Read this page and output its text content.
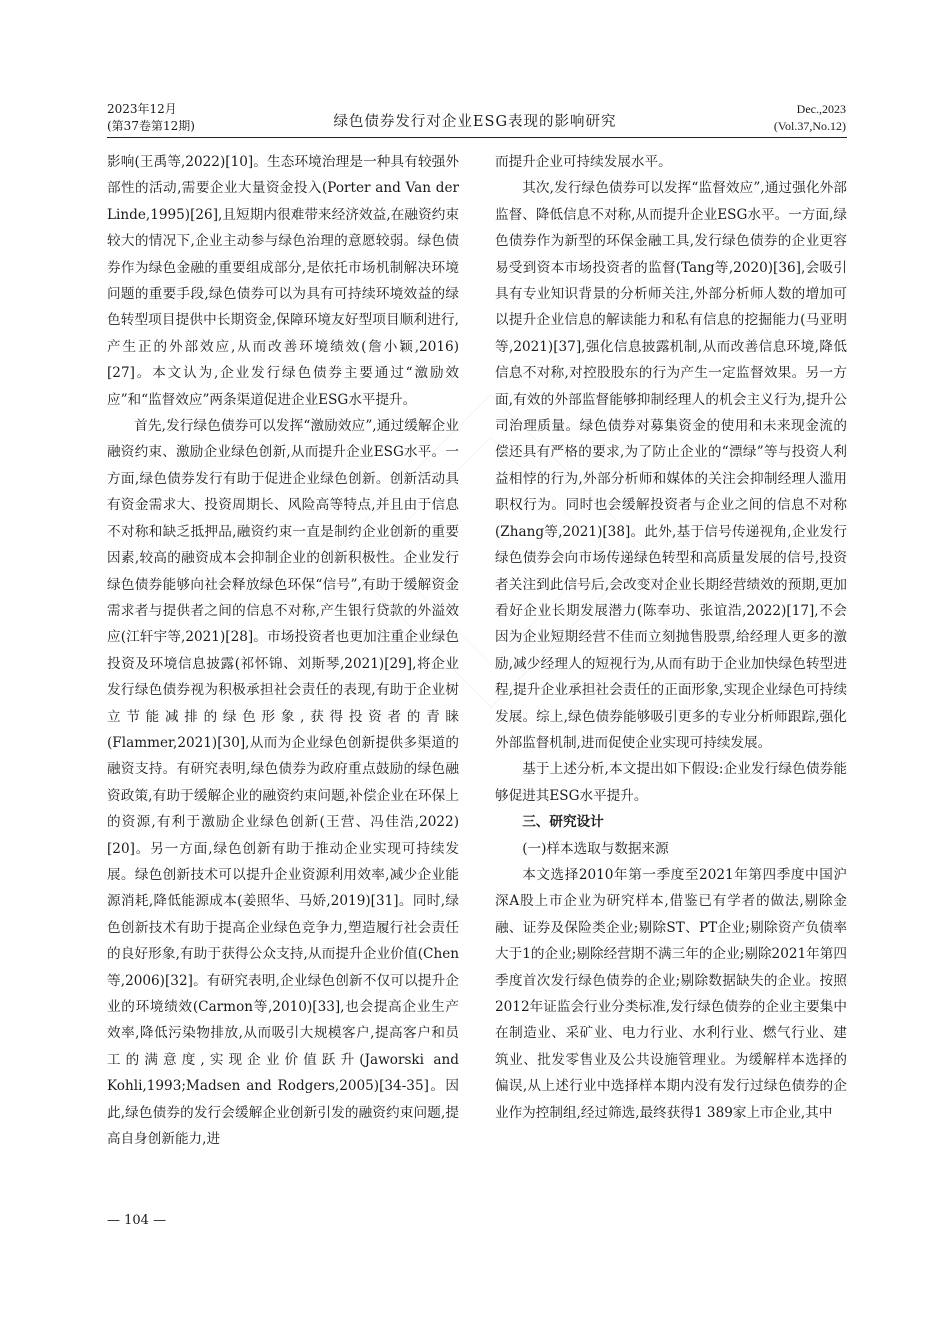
2023年12月
(第37卷第12期)	绿色债券发行对企业ESG表现的影响研究
Dec.,2023
(Vol.37,No.12)

影响(王禹等,2022)[10]。生态环境治理是一种具有较强外部性的活动,需要企业大量资金投入(Porter and Van der Linde,1995)[26],且短期内很难带来经济效益,在融资约束较大的情况下,企业主动参与绿色治理的意愿较弱。绿色债券作为绿色金融的重要组成部分,是依托市场机制解决环境问题的重要手段,绿色债券可以为具有可持续环境效益的绿色转型项目提供中长期资金,保障环境友好型项目顺利进行,产生正的外部效应,从而改善环境绩效(詹小颖,2016)[27]。本文认为,企业发行绿色债券主要通过“激励效应”和“监督效应”两条渠道促进企业ESG水平提升。

首先,发行绿色债券可以发挥“激励效应”,通过缓解企业融资约束、激励企业绿色创新,从而提升企业ESG水平。一方面,绿色债券发行有助于促进企业绿色创新。创新活动具有资金需求大、投资周期长、风险高等特点,并且由于信息不对称和缺乏抵押品,融资约束一直是制约企业创新的重要因素,较高的融资成本会抑制企业的创新积极性。企业发行绿色债券能够向社会释放绿色环保“信号”,有助于缓解资金需求者与提供者之间的信息不对称,产生银行贷款的外溢效应(江轩宇等,2021)[28]。市场投资者也更加注重企业绿色投资及环境信息披露(祁怀锦、刘斯琴,2021)[29],将企业发行绿色债券视为积极承担社会责任的表现,有助于企业树立节能减排的绿色形象,获得投资者的青睐(Flammer,2021)[30],从而为企业绿色创新提供多渠道的融资支持。有研究表明,绿色债券为政府重点鼓励的绿色融资政策,有助于缓解企业的融资约束问题,补偿企业在环保上的资源,有利于激励企业绿色创新(王营、冯佳浩,2022)[20]。另一方面,绿色创新有助于推动企业实现可持续发展。绿色创新技术可以提升企业资源利用效率,减少企业能源消耗,降低能源成本(姜照华、马娇,2019)[31]。同时,绿色创新技术有助于提高企业绿色竞争力,塑造履行社会责任的良好形象,有助于获得公众支持,从而提升企业价值(Chen等,2006)[32]。有研究表明,企业绿色创新不仅可以提升企业的环境绩效(Carmon等,2010)[33],也会提高企业生产效率,降低污染物排放,从而吸引大规模客户,提高客户和员工的满意度,实现企业价值跃升(Jaworski and Kohli,1993;Madsen and Rodgers,2005)[34-35]。因此,绿色债券的发行会缓解企业创新引发的融资约束问题,提高自身创新能力,进

而提升企业可持续发展水平。

其次,发行绿色债券可以发挥“监督效应”,通过强化外部监督、降低信息不对称,从而提升企业ESG水平。一方面,绿色债券作为新型的环保金融工具,发行绿色债券的企业更容易受到资本市场投资者的监督(Tang等,2020)[36],会吸引具有专业知识背景的分析师关注,外部分析师人数的增加可以提升企业信息的解读能力和私有信息的挖掘能力(马亚明等,2021)[37],强化信息披露机制,从而改善信息环境,降低信息不对称,对控股股东的行为产生一定监督效果。另一方面,有效的外部监督能够抑制经理人的机会主义行为,提升公司治理质量。绿色债券对募集资金的使用和未来现金流的偿还具有严格的要求,为了防止企业的“漂绿”等与投资人利益相悖的行为,外部分析师和媒体的关注会抑制经理人滥用职权行为。同时也会缓解投资者与企业之间的信息不对称(Zhang等,2021)[38]。此外,基于信号传递视角,企业发行绿色债券会向市场传递绿色转型和高质量发展的信号,投资者关注到此信号后,会改变对企业长期经营绩效的预期,更加看好企业长期发展潜力(陈奉功、张谊浩,2022)[17],不会因为企业短期经营不佳而立刻抛售股票,给经理人更多的激励,减少经理人的短视行为,从而有助于企业加快绿色转型进程,提升企业承担社会责任的正面形象,实现企业绿色可持续发展。综上,绿色债券能够吸引更多的专业分析师跟踪,强化外部监督机制,进而促使企业实现可持续发展。

基于上述分析,本文提出如下假设:企业发行绿色债券能够促进其ESG水平提升。

三、研究设计
(一)样本选取与数据来源

本文选择2010年第一季度至2021年第四季度中国沪深A股上市企业为研究样本,借鉴已有学者的做法,剔除金融、证券及保险类企业;剔除ST、PT企业;剔除资产负债率大于1的企业;剔除经营期不满三年的企业;剔除2021年第四季度首次发行绿色债券的企业;剔除数据缺失的企业。按照2012年证监会行业分类标准,发行绿色债券的企业主要集中在制造业、采矿业、电力行业、水利行业、燃气行业、建筑业、批发零售业及公共设施管理业。为缓解样本选择的偏误,从上述行业中选择样本期内没有发行过绿色债券的企业作为控制组,经过筛选,最终获得1 389家上市企业,其中

— 104 —
